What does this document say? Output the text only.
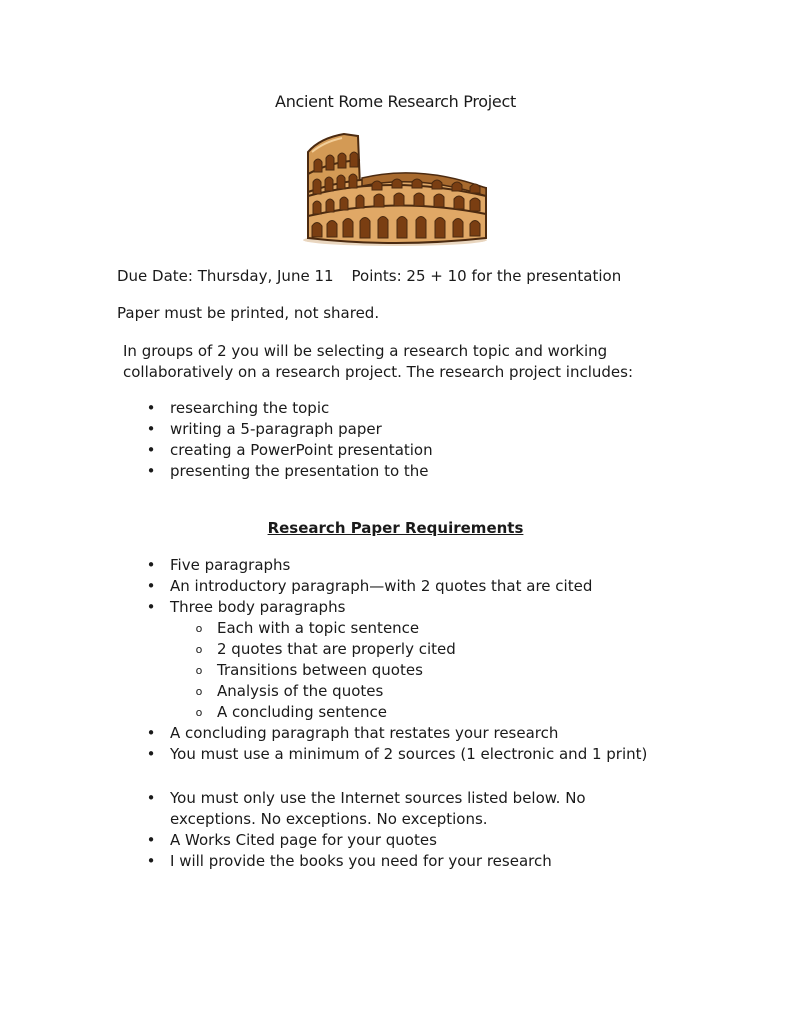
Ancient Rome Research Project

Due Date: Thursday, June 11 Points: 25 + 10 for the presentation

Paper must be printed, not shared.

In groups of 2 you will be selecting a research topic and working collaboratively on a research project. The research project includes:

• researching the topic
• writing a 5-paragraph paper
• creating a PowerPoint presentation
• presenting the presentation to the
Research Paper Requirements
• Five paragraphs
• An introductory paragraph—with 2 quotes that are cited
• Three body paragraphs
o Each with a topic sentence
o 2 quotes that are properly cited
o Transitions between quotes
o Analysis of the quotes
o A concluding sentence
• A concluding paragraph that restates your research
• You must use a minimum of 2 sources (1 electronic and 1 print)
• You must only use the Internet sources listed below. No exceptions. No exceptions. No exceptions.
• A Works Cited page for your quotes
• I will provide the books you need for your research
